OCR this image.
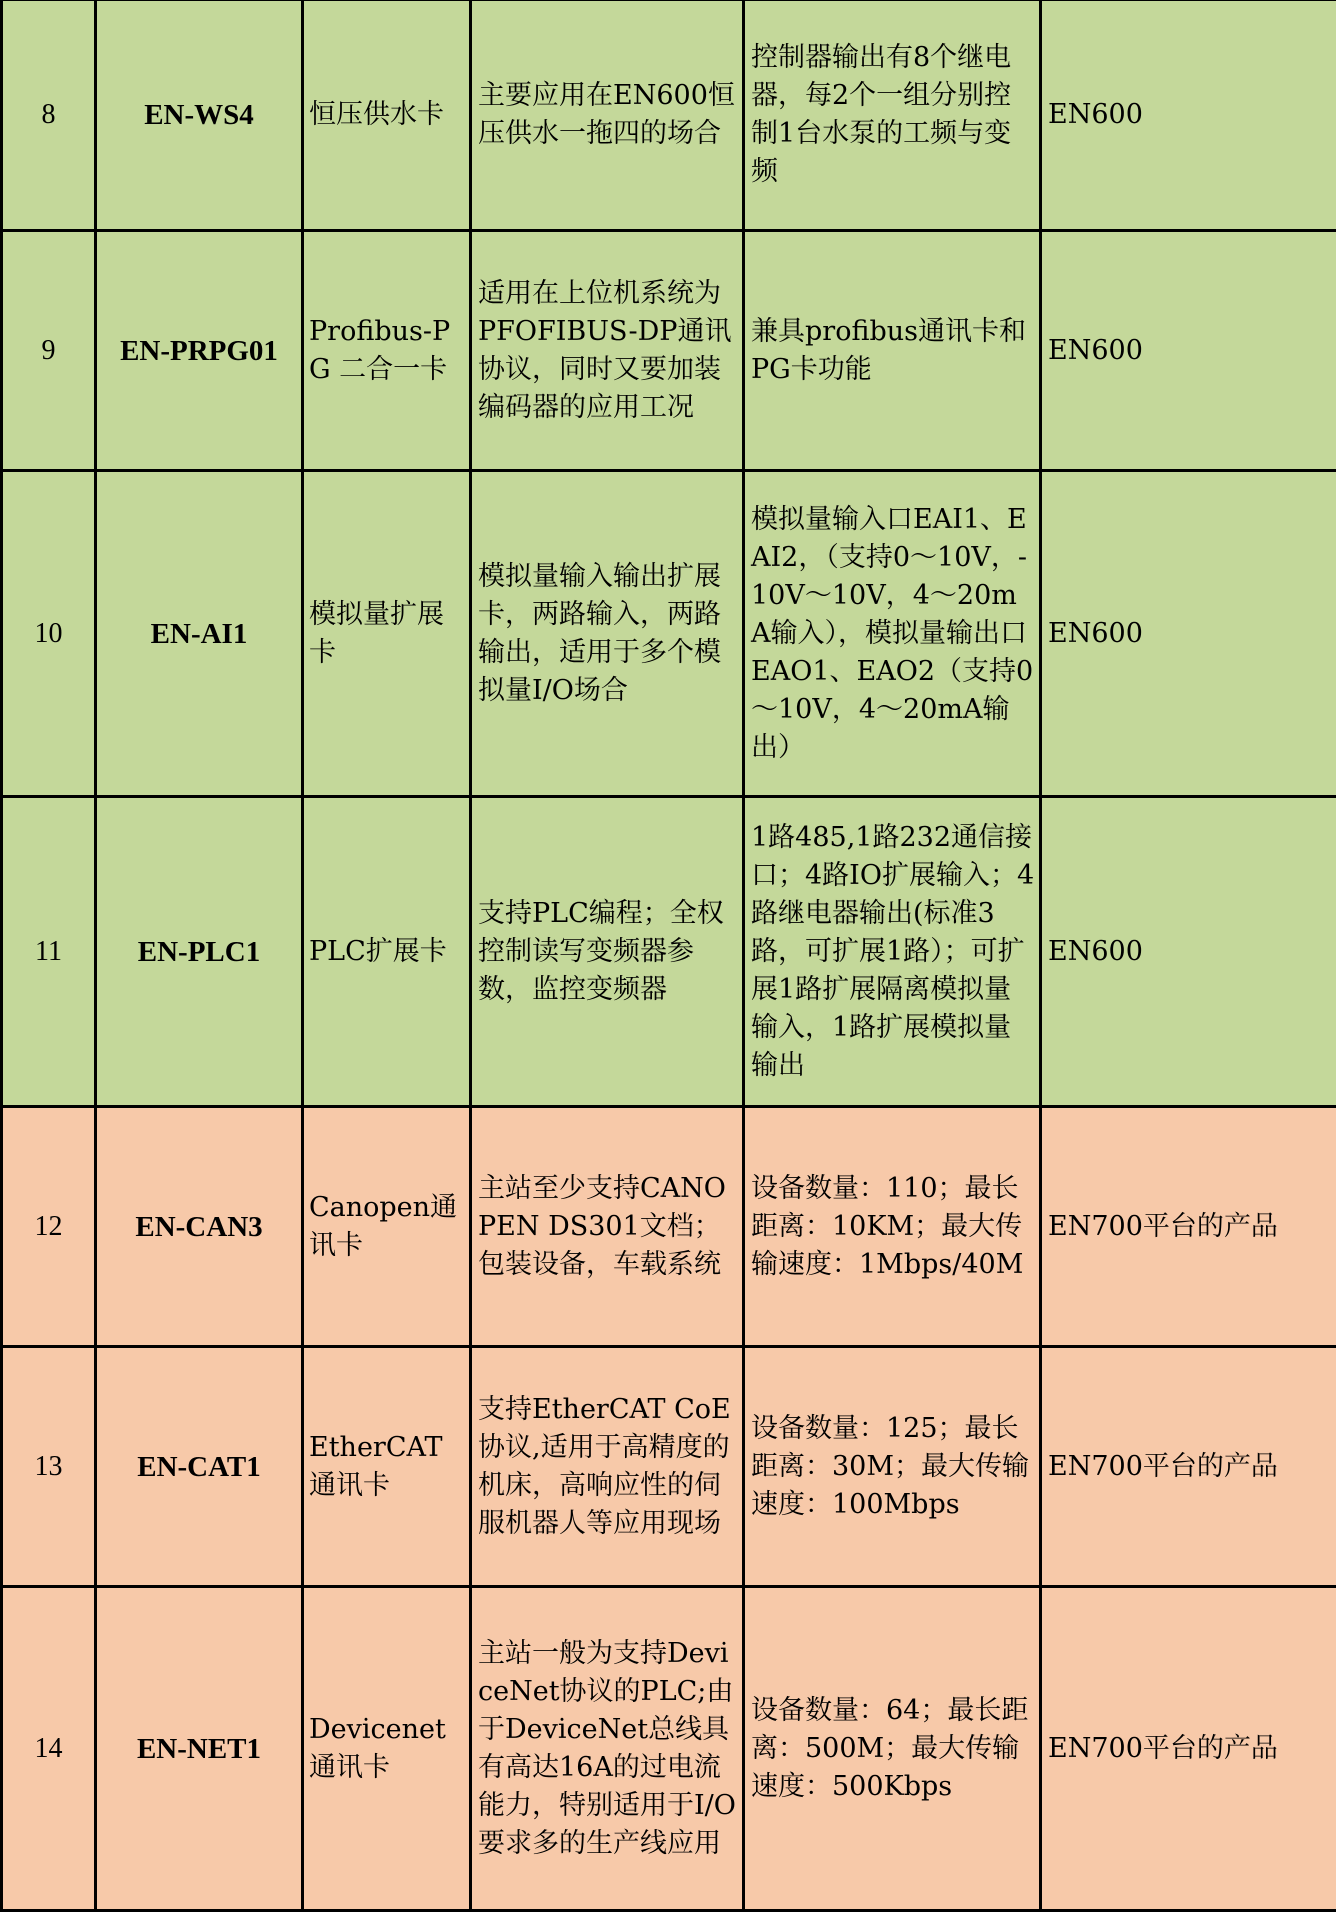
8	EN-WS4	恒压供水卡	主要应用在EN600恒压供水一拖四的场合	控制器输出有8个继电器，每2个一组分别控制1台水泵的工频与变频	EN600
9	EN-PRPG01	Profibus-PG 二合一卡	适用在上位机系统为PFOFIBUS-DP通讯协议，同时又要加装编码器的应用工况	兼具profibus通讯卡和PG卡功能	EN600
10	EN-AI1	模拟量扩展卡	模拟量输入输出扩展卡，两路输入，两路输出，适用于多个模拟量I/O场合	模拟量输入口EAI1、EAI2，（支持0～10V，-10V～10V，4～20mA输入），模拟量输出口EAO1、EAO2（支持0～10V，4～20mA输出）	EN600
11	EN-PLC1	PLC扩展卡	支持PLC编程；全权控制读写变频器参数，监控变频器	1路485,1路232通信接口；4路IO扩展输入；4路继电器输出(标准3路，可扩展1路）；可扩展1路扩展隔离模拟量输入，1路扩展模拟量输出	EN600
12	EN-CAN3	Canopen通讯卡	主站至少支持CANOPEN DS301文档；包装设备，车载系统	设备数量：110；最长距离：10KM；最大传输速度：1Mbps/40M	EN700平台的产品
13	EN-CAT1	EtherCAT通讯卡	支持EtherCAT CoE协议,适用于高精度的机床，高响应性的伺服机器人等应用现场	设备数量：125；最长距离：30M；最大传输速度：100Mbps	EN700平台的产品
14	EN-NET1	Devicenet通讯卡	主站一般为支持DeviceNet协议的PLC;由于DeviceNet总线具有高达16A的过电流能力，特别适用于I/O要求多的生产线应用	设备数量：64；最长距离：500M；最大传输速度：500Kbps	EN700平台的产品
